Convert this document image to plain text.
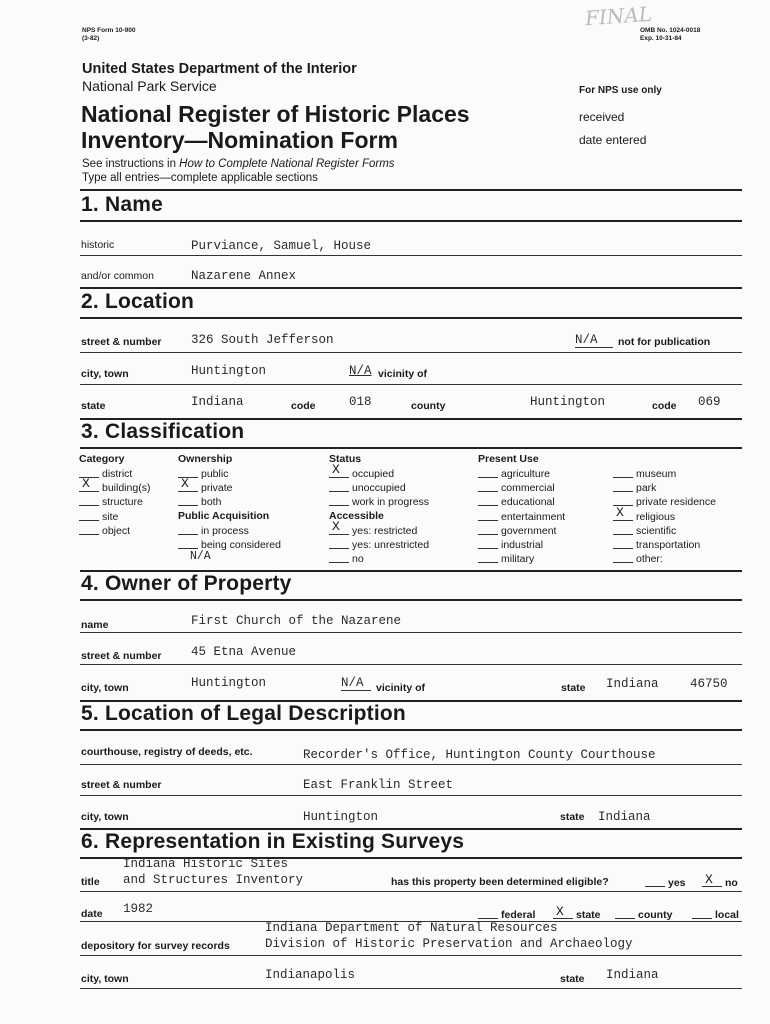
NPS Form 10-900
(3-82)
OMB No. 1024-0018
Exp. 10-31-84
FINAL
United States Department of the Interior
National Park Service
National Register of Historic Places
Inventory—Nomination Form
See instructions in How to Complete National Register Forms
Type all entries—complete applicable sections
For NPS use only
received
date entered
1. Name
historic	Purviance, Samuel, House
and/or common	Nazarene Annex
2. Location
street & number 326 South Jefferson	N/A	not for publication
city, town	Huntington	N/A vicinity of
state	Indiana	code	018	county	Huntington	code 069
3. Classification
Category
district
X building(s)
structure
site
object
Ownership
public
X private
both
Public Acquisition
in process
being considered
N/A
Status
X occupied
unoccupied
work in progress
Accessible
X yes: restricted
yes: unrestricted
no
Present Use
agriculture
commercial
educational
entertainment
government
industrial
military
museum
park
private residence
X religious
scientific
transportation
other:
4. Owner of Property
name	First Church of the Nazarene
street & number 45 Etna Avenue
city, town	Huntington	N/A	vicinity of	state Indiana	46750
5. Location of Legal Description
courthouse, registry of deeds, etc.	Recorder's Office, Huntington County Courthouse
street & number	East Franklin Street
city, town	Huntington	state Indiana
6. Representation in Existing Surveys
Indiana Historic Sites
title and Structures Inventory	has this property been determined eligible?	yes X no
date 1982	federal X state	county	local
Indiana Department of Natural Resources
depository for survey records	Division of Historic Preservation and Archaeology
city, town	Indianapolis	state Indiana
